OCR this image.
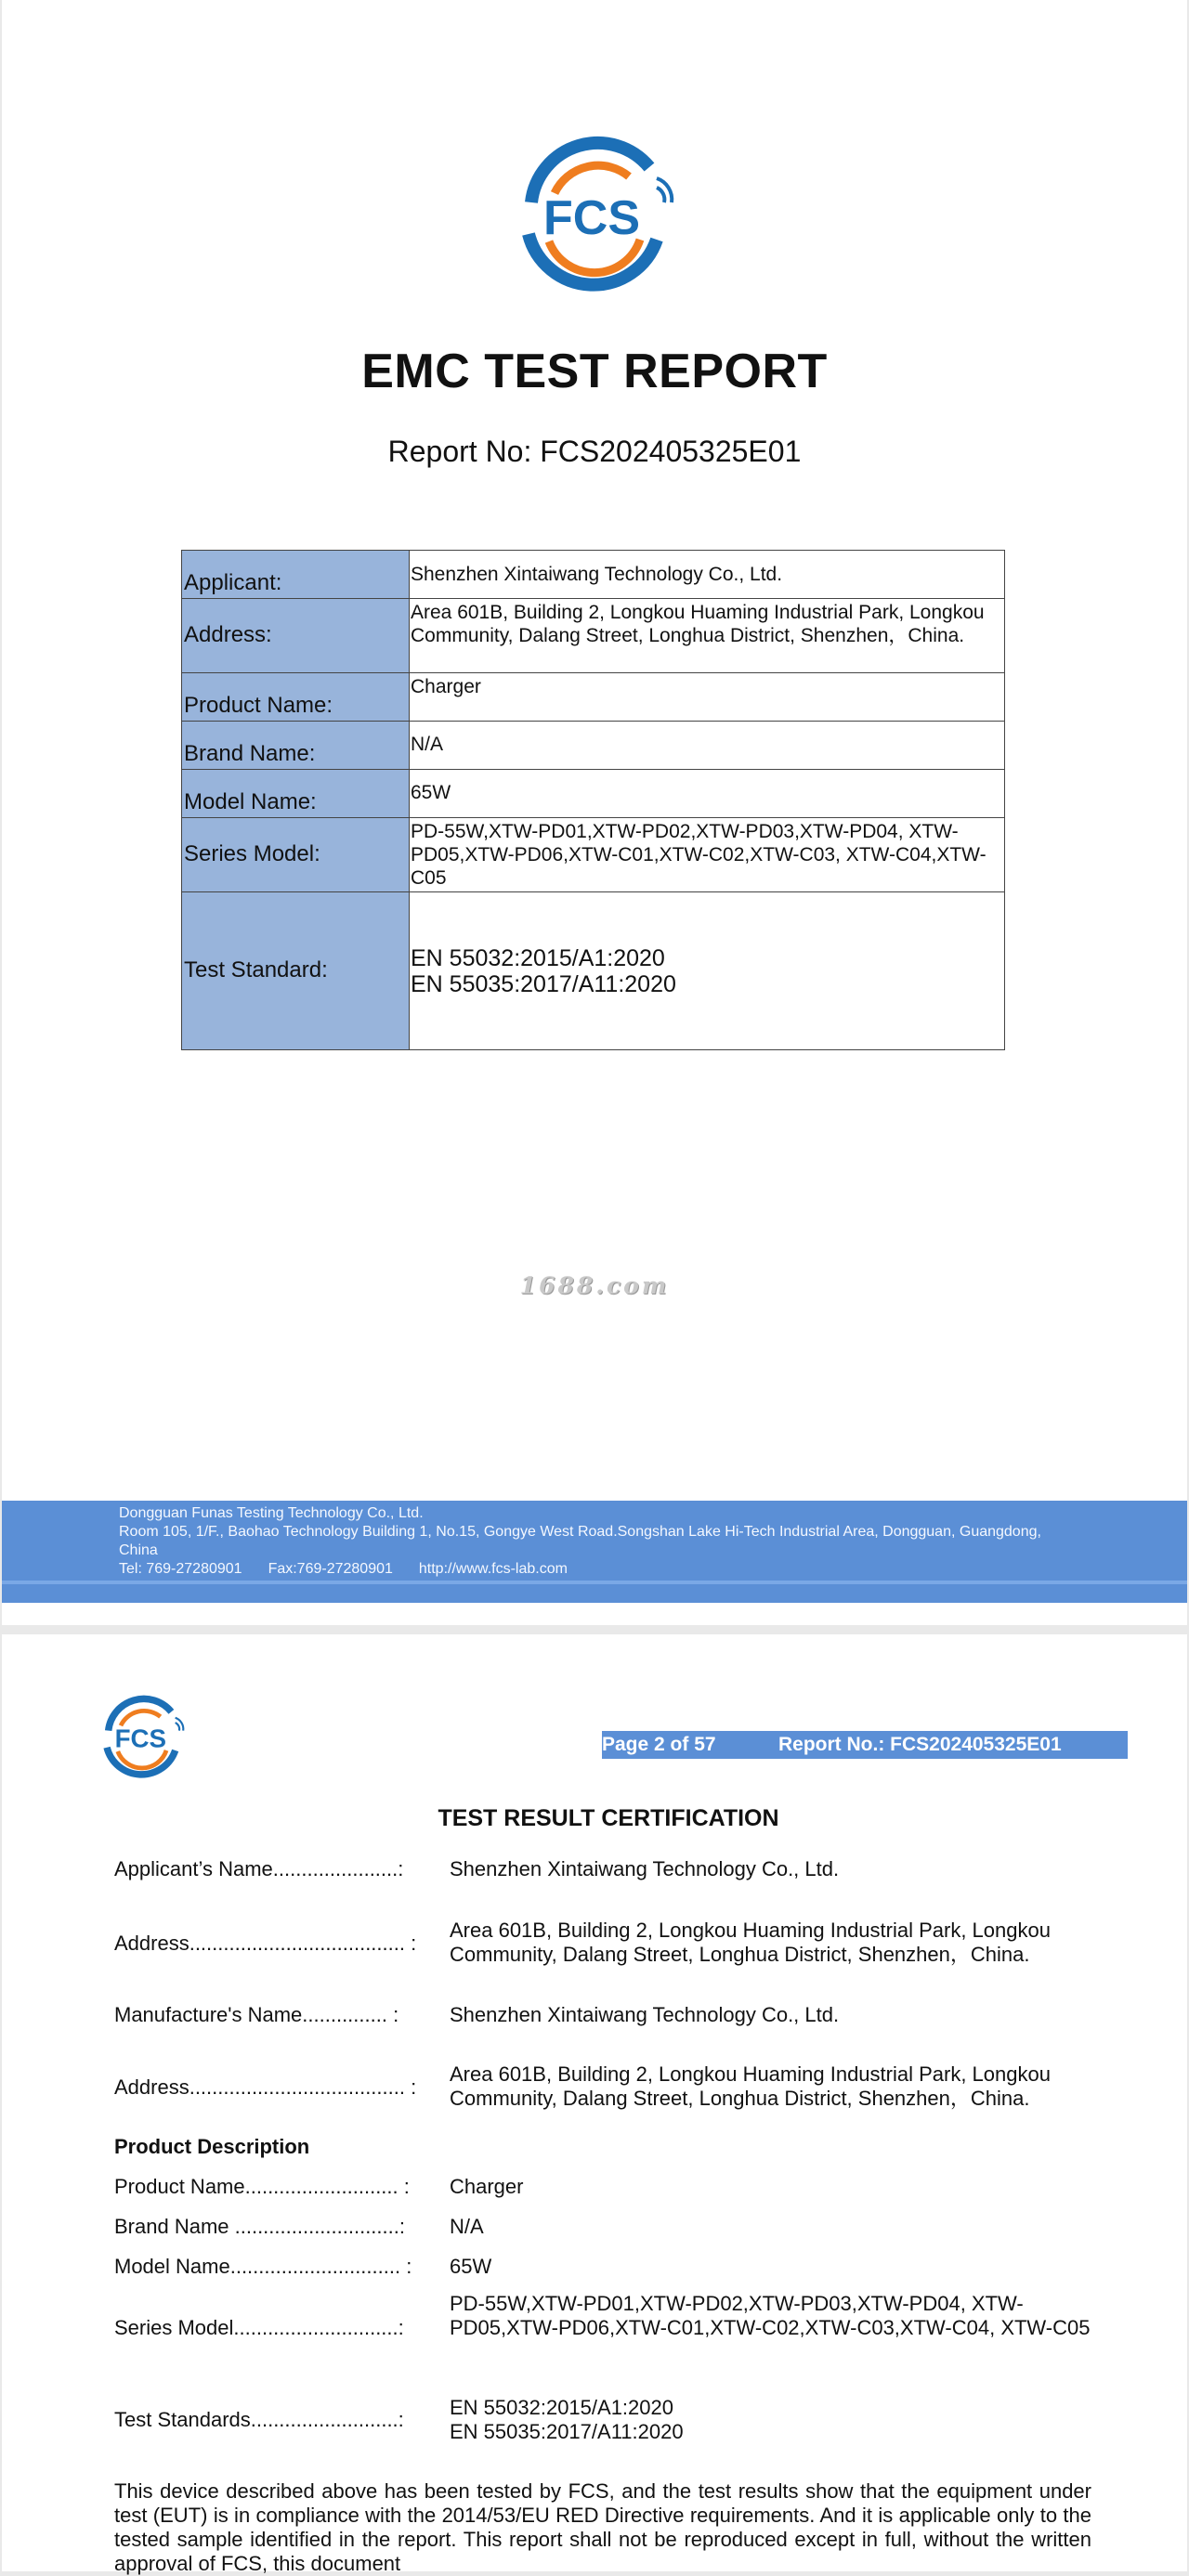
FCS
EMC TEST REPORT
Report No: FCS202405325E01
Applicant:	Shenzhen Xintaiwang Technology Co., Ltd.
Address:	Area 601B, Building 2, Longkou Huaming Industrial Park, Longkou Community, Dalang Street, Longhua District, Shenzhen，China.
Product Name:	Charger
Brand Name:	N/A
Model Name:	65W
Series Model:	PD-55W,XTW-PD01,XTW-PD02,XTW-PD03,XTW-PD04, XTW-PD05,XTW-PD06,XTW-C01,XTW-C02,XTW-C03, XTW-C04,XTW-C05
Test Standard:	EN 55032:2015/A1:2020
EN 55035:2017/A11:2020
1688.com
Dongguan Funas Testing Technology Co., Ltd.
Room 105, 1/F., Baohao Technology Building 1, No.15, Gongye West Road.Songshan Lake Hi-Tech Industrial Area, Dongguan, Guangdong, China
Tel: 769-27280901 Fax:769-27280901 http://www.fcs-lab.com
FCS	Page 2 of 57	Report No.: FCS202405325E01
TEST RESULT CERTIFICATION
Applicant’s Name......................:	Shenzhen Xintaiwang Technology Co., Ltd.
Address...................................... :
Area 601B, Building 2, Longkou Huaming Industrial Park, Longkou Community, Dalang Street, Longhua District, Shenzhen，China.
Manufacture's Name............... :	Shenzhen Xintaiwang Technology Co., Ltd.
Address...................................... :
Area 601B, Building 2, Longkou Huaming Industrial Park, Longkou Community, Dalang Street, Longhua District, Shenzhen，China.
Product Description
Product Name........................... :	Charger
Brand Name .............................:	N/A
Model Name.............................. :	65W
Series Model.............................:
PD-55W,XTW-PD01,XTW-PD02,XTW-PD03,XTW-PD04, XTW-PD05,XTW-PD06,XTW-C01,XTW-C02,XTW-C03,XTW-C04, XTW-C05
Test Standards..........................:
EN 55032:2015/A1:2020
EN 55035:2017/A11:2020
This device described above has been tested by FCS, and the test results show that the equipment under test (EUT) is in compliance with the 2014/53/EU RED Directive requirements. And it is applicable only to the tested sample identified in the report. This report shall not be reproduced except in full, without the written approval of FCS, this document
